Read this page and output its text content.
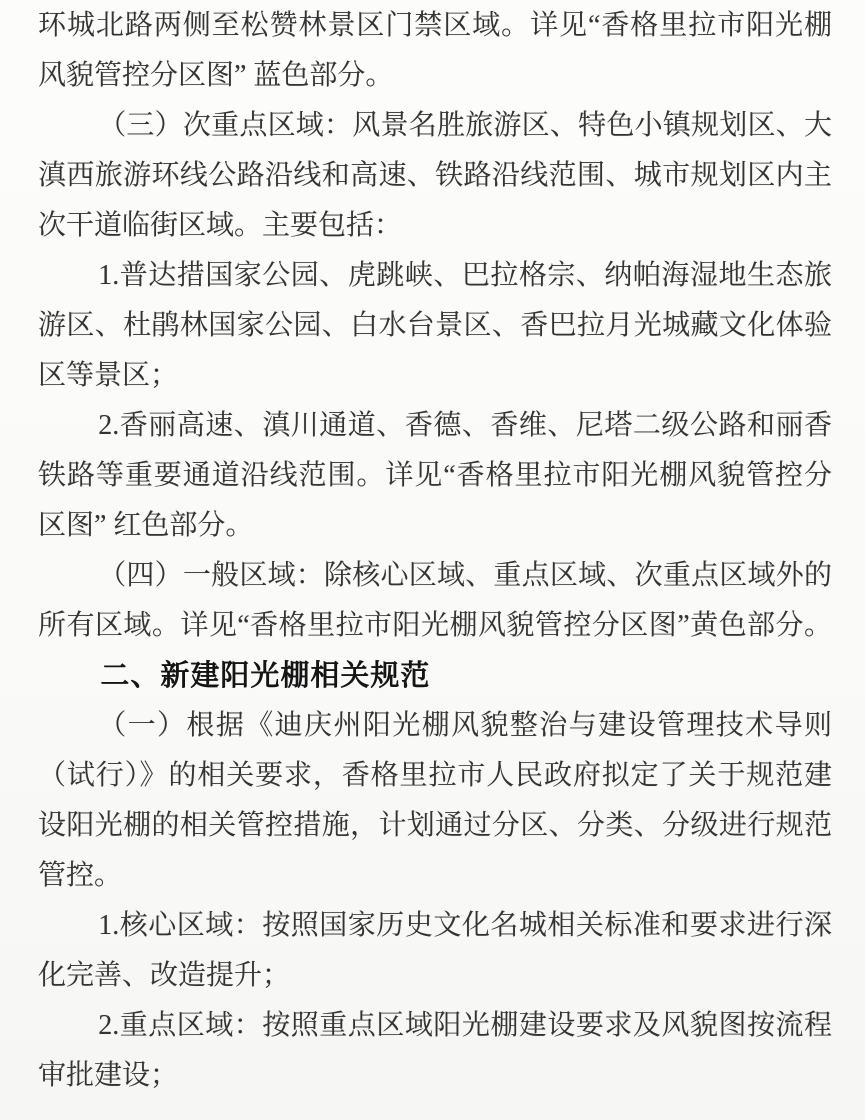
环城北路两侧至松赞林景区门禁区域。详见“香格里拉市阳光棚
风貌管控分区图” 蓝色部分。
（三）次重点区域：风景名胜旅游区、特色小镇规划区、大
滇西旅游环线公路沿线和高速、铁路沿线范围、城市规划区内主
次干道临街区域。主要包括：
1.普达措国家公园、虎跳峡、巴拉格宗、纳帕海湿地生态旅
游区、杜鹃林国家公园、白水台景区、香巴拉月光城藏文化体验
区等景区；
2.香丽高速、滇川通道、香德、香维、尼塔二级公路和丽香
铁路等重要通道沿线范围。详见“香格里拉市阳光棚风貌管控分
区图” 红色部分。
（四）一般区域：除核心区域、重点区域、次重点区域外的
所有区域。详见“香格里拉市阳光棚风貌管控分区图”黄色部分。
二、新建阳光棚相关规范
（一）根据《迪庆州阳光棚风貌整治与建设管理技术导则
（试行）》的相关要求，香格里拉市人民政府拟定了关于规范建
设阳光棚的相关管控措施，计划通过分区、分类、分级进行规范
管控。
1.核心区域：按照国家历史文化名城相关标准和要求进行深
化完善、改造提升；
2.重点区域：按照重点区域阳光棚建设要求及风貌图按流程
审批建设；
